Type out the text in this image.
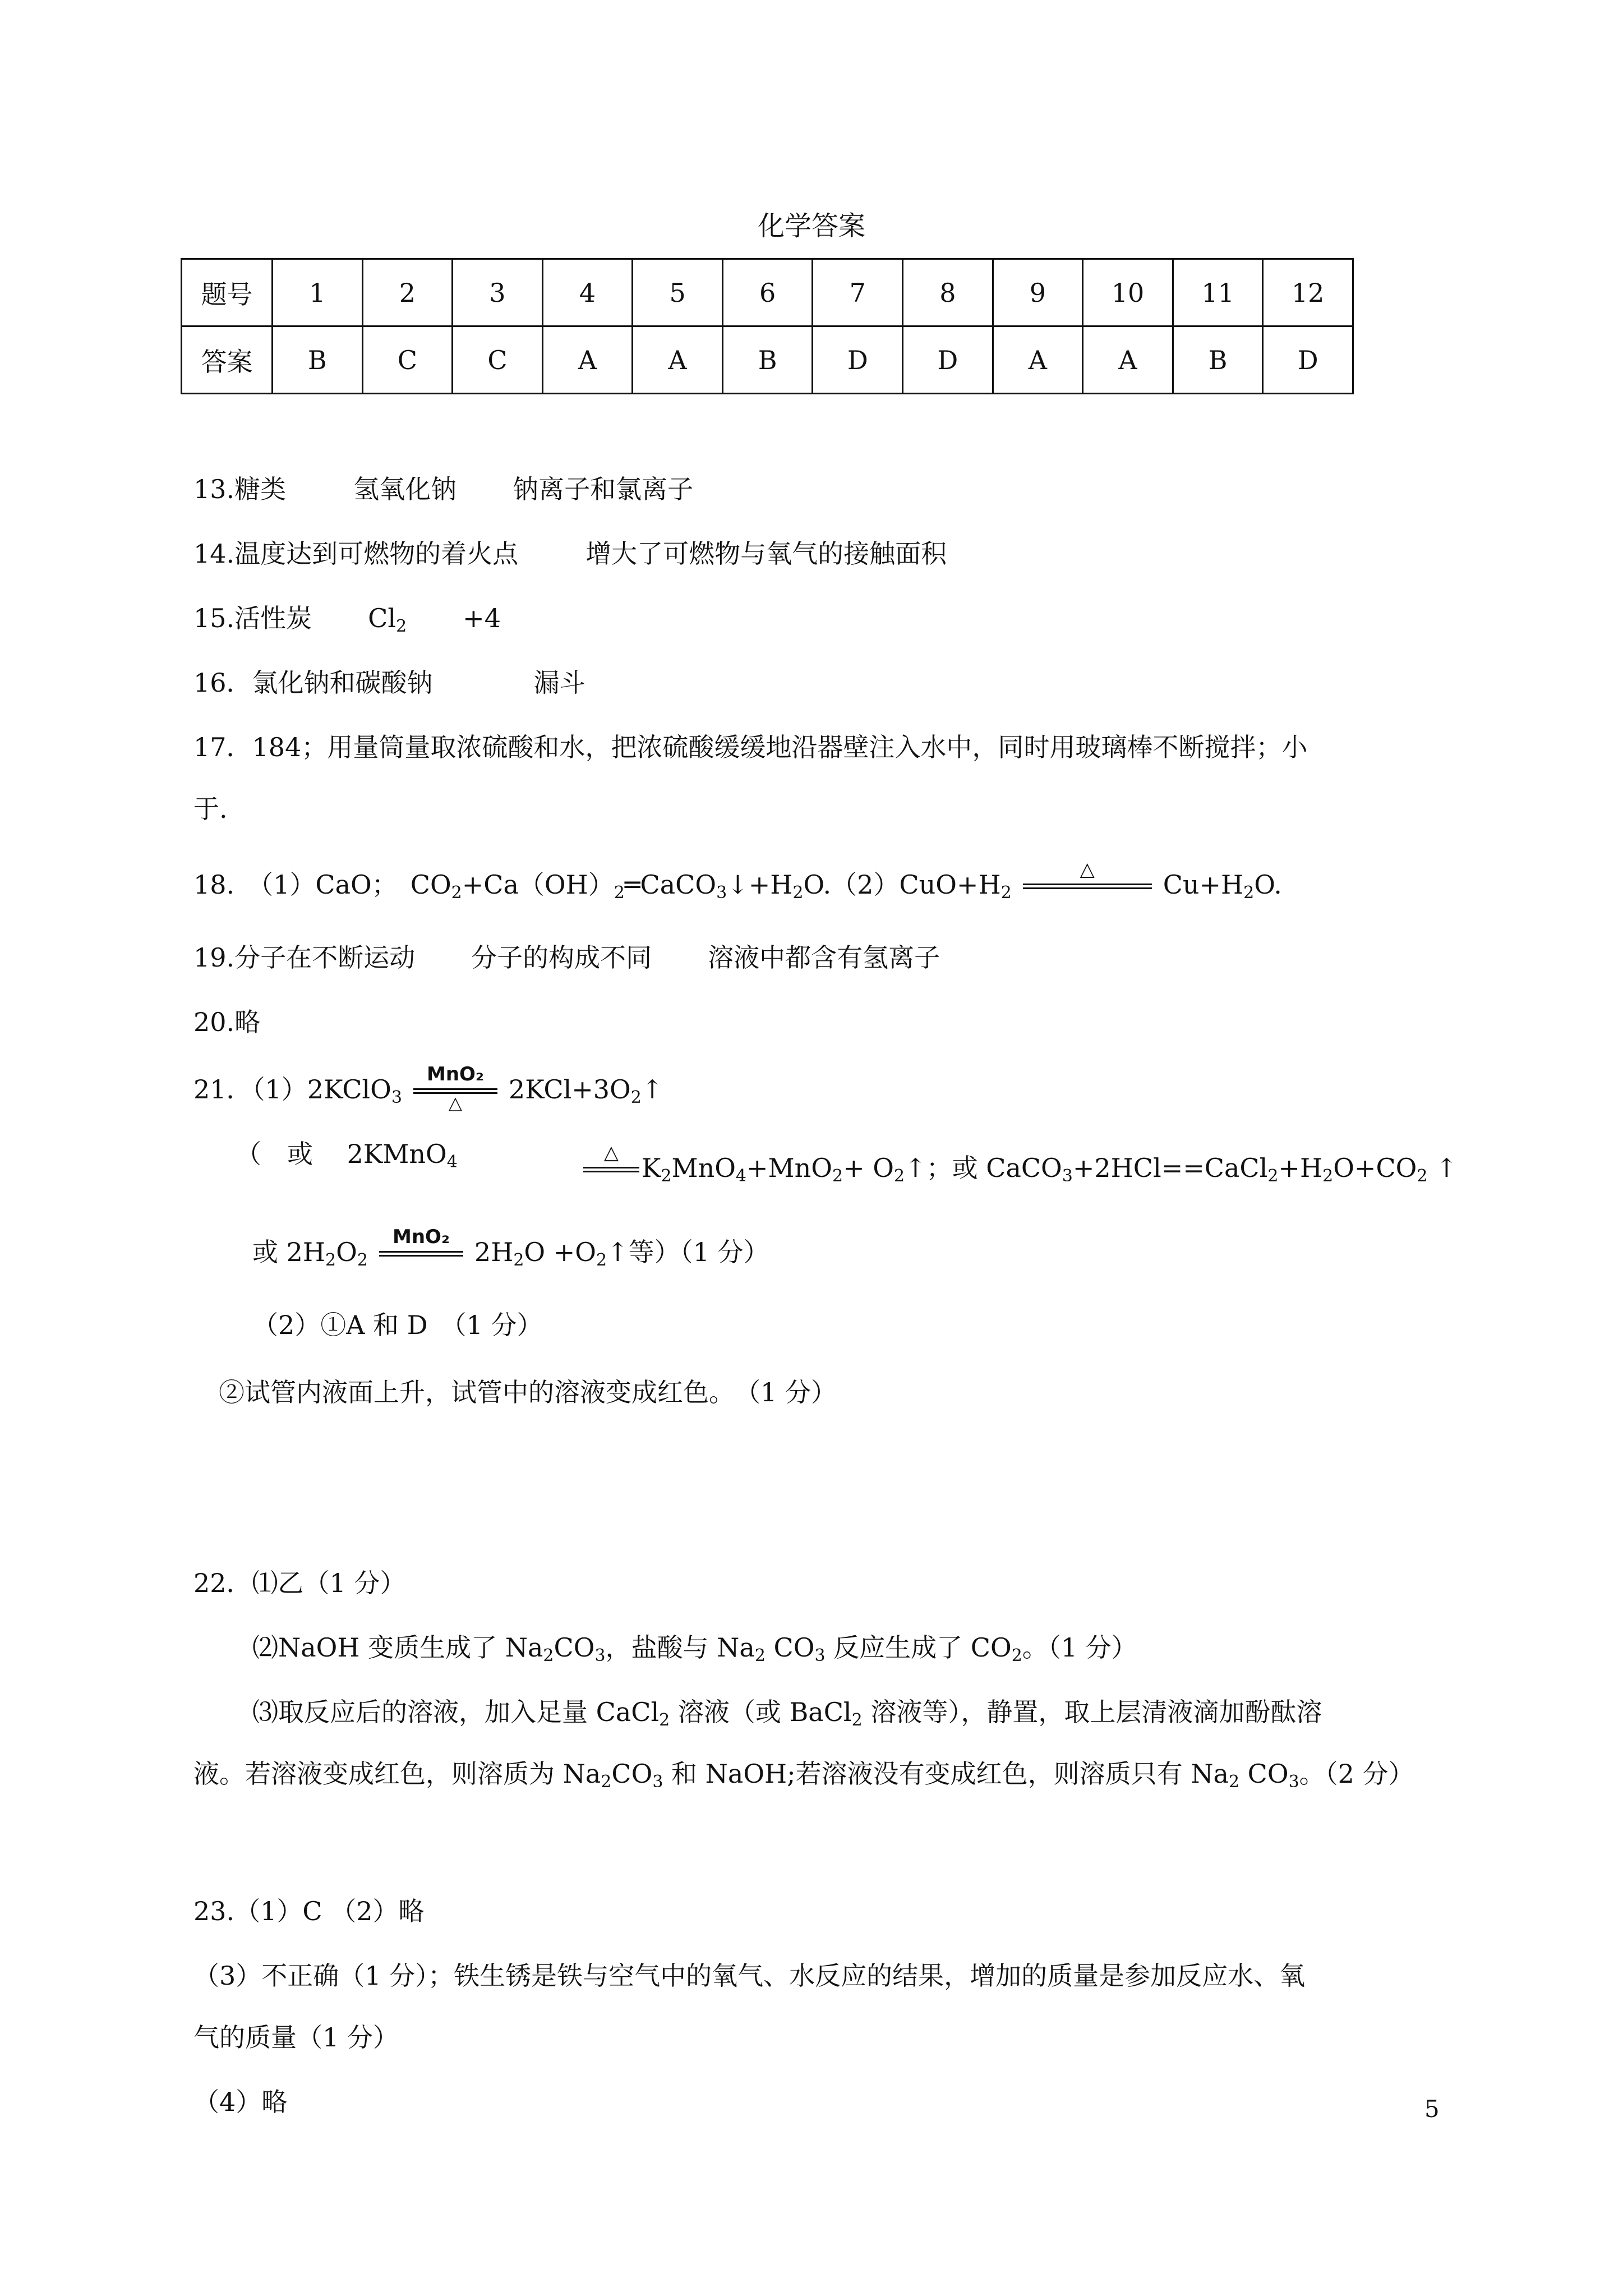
化学答案
题号	1	2	3	4	5	6	7	8	9	10	11	12
答案	B	C	C	A	A	B	D	D	A	A	B	D
13.糖类	氢氧化钠 钠离子和氯离子
14.温度达到可燃物的着火点	增大了可燃物与氧气的接触面积
15.活性炭 $Cl_2 +4$
16．氯化钠和碳酸钠	漏斗
17．184；用量筒量取浓硫酸和水，把浓硫酸缓缓地沿器壁注入水中，同时用玻璃棒不断搅拌；小
于.
18.　（1）CaO；　$CO_2+Ca(OH)_2═CaCO_3↓+H_2O.(2)CuO+H_2$
△	$Cu+H_2O$.
19.分子在不断运动 分子的构成不同 溶液中都含有氢离子
20.略
21．（1）2KClO$_3$
MnO₂
△	$2KCl+3O_2↑$
（　或　 2KMnO$_4$	△ $K_2MnO_4+MnO_2+$ $O_2↑$；或 $CaCO_3+2HCl==CaCl_2+H_2O+CO_2$ ↑
或 $2H_2O_2$
MnO₂ $2H_2O$ $+O_2↑$等）（1 分）
（2）①A 和 D　（1 分）
②试管内液面上升，试管中的溶液变成红色。　（1 分）
22．⑴乙（1 分）
⑵NaOH 变质生成了 $Na_2CO_3$，盐酸与 $Na_2$ $CO_3$ 反应生成了 $CO_2$。（1 分）
⑶取反应后的溶液，加入足量 CaCl$_2$ 溶液（或 BaCl$_2$ 溶液等），静置，取上层清液滴加酚酞溶
液。若溶液变成红色，则溶质为 $Na_2CO_3$ 和 NaOH;若溶液没有变成红色，则溶质只有 $Na_2$ $CO_3$。（2 分）
23.（1）C （2）略
（3）不正确（1 分）；铁生锈是铁与空气中的氧气、水反应的结果，增加的质量是参加反应水、氧
气的质量（1 分）
（4）略	5
